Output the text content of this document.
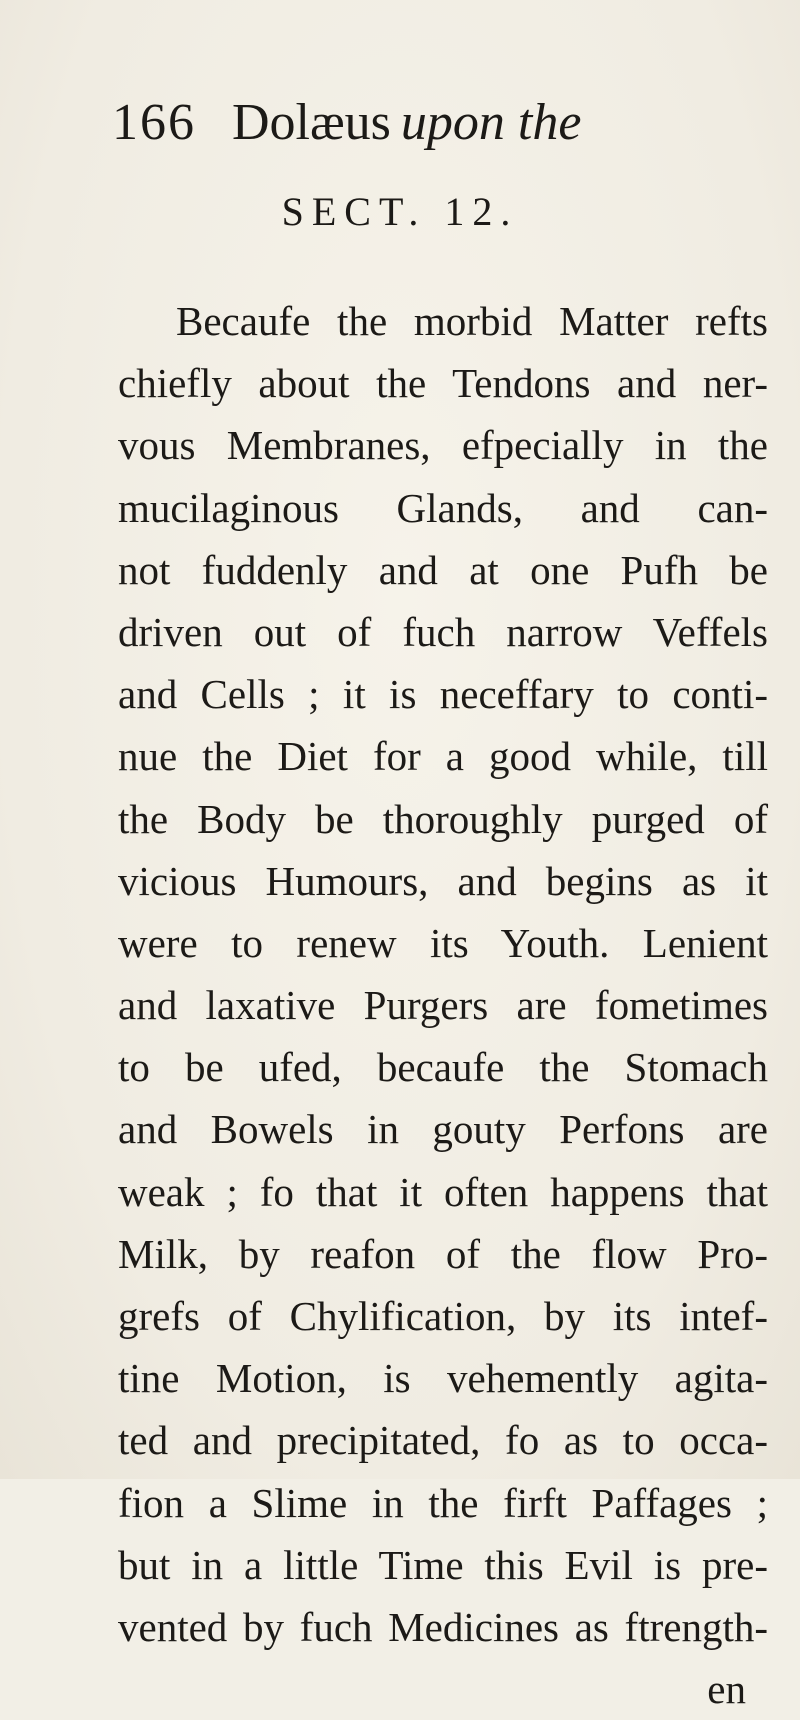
166 Dolæus upon the
SECT. 12.
Becaufe the morbid Matter refts
chiefly about the Tendons and ner-
vous Membranes, efpecially in the
mucilaginous Glands, and can-
not fuddenly and at one Pufh be
driven out of fuch narrow Veffels
and Cells ; it is neceffary to conti-
nue the Diet for a good while, till
the Body be thoroughly purged of
vicious Humours, and begins as it
were to renew its Youth. Lenient
and laxative Purgers are fometimes
to be ufed, becaufe the Stomach
and Bowels in gouty Perfons are
weak ; fo that it often happens that
Milk, by reafon of the flow Pro-
grefs of Chylification, by its intef-
tine Motion, is vehemently agita-
ted and precipitated, fo as to occa-
fion a Slime in the firft Paffages ;
but in a little Time this Evil is pre-
vented by fuch Medicines as ftrength-
en
